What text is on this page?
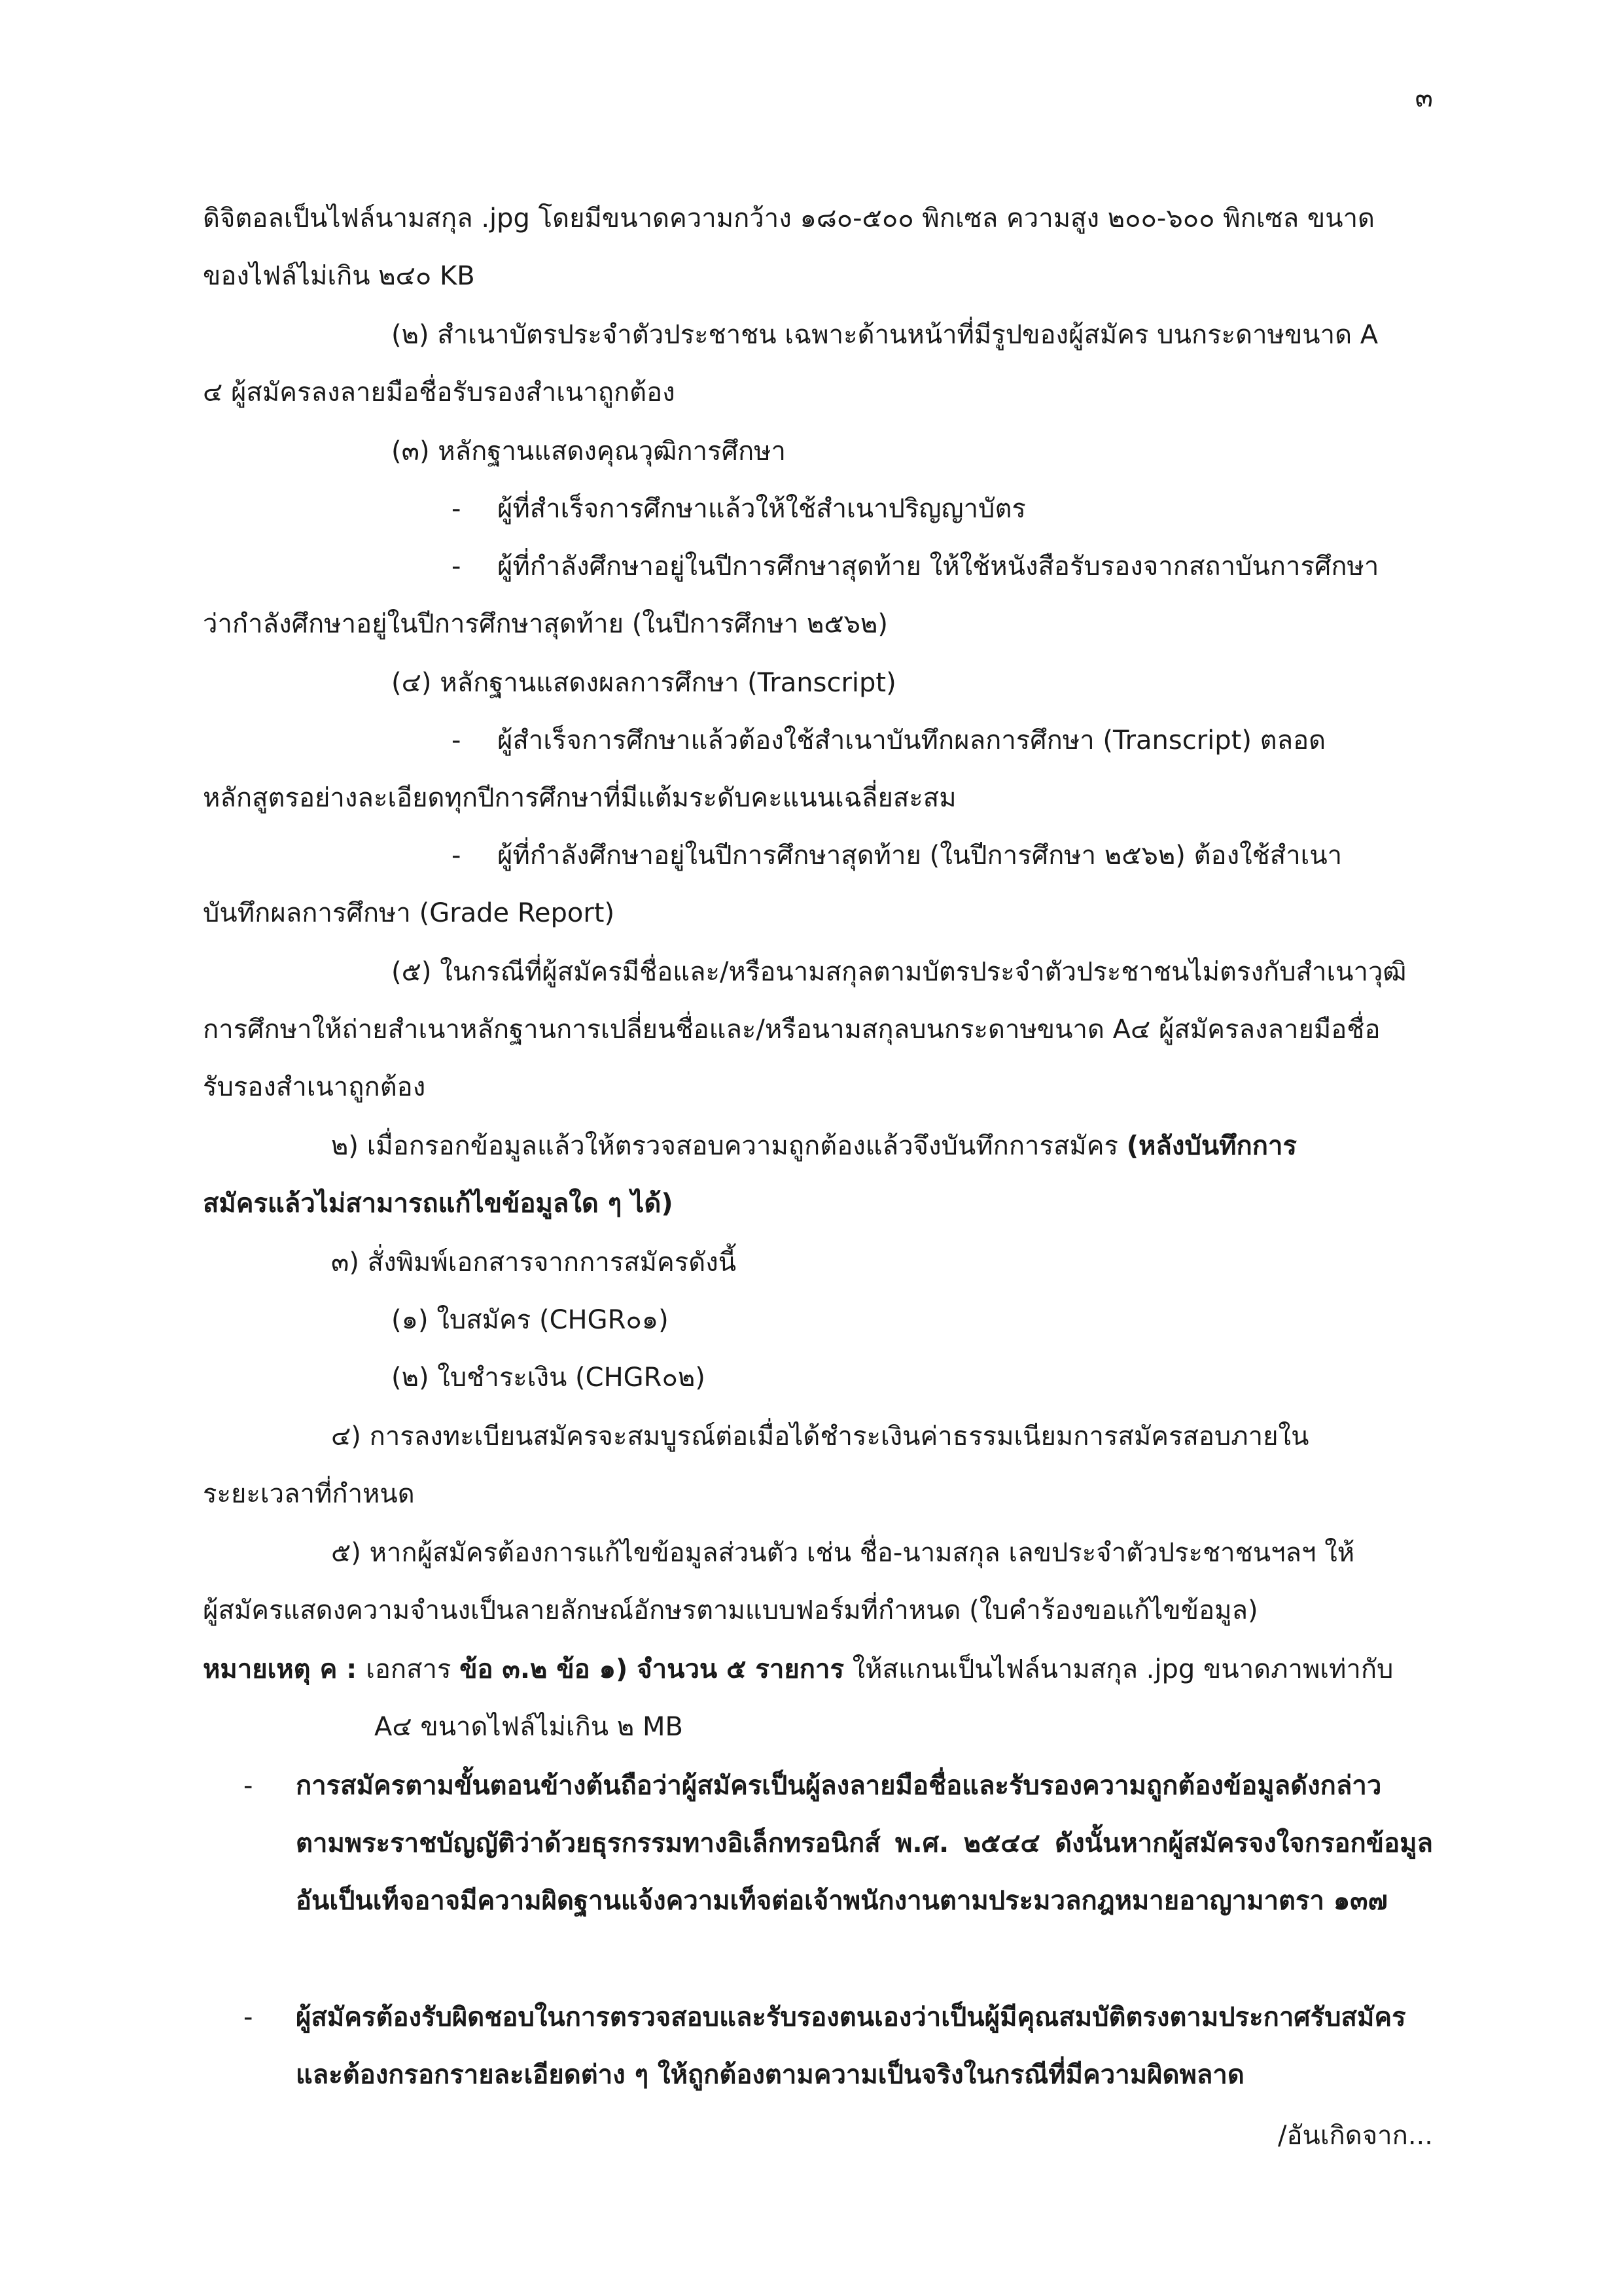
๓
ดิจิตอลเป็นไฟล์นามสกุล .jpg โดยมีขนาดความกว้าง ๑๘๐-๕๐๐ พิกเซล ความสูง ๒๐๐-๖๐๐ พิกเซล ขนาด
ของไฟล์ไม่เกิน ๒๔๐ KB
(๒) สำเนาบัตรประจำตัวประชาชน เฉพาะด้านหน้าที่มีรูปของผู้สมัคร บนกระดาษขนาด A
๔ ผู้สมัครลงลายมือชื่อรับรองสำเนาถูกต้อง
(๓) หลักฐานแสดงคุณวุฒิการศึกษา
- ผู้ที่สำเร็จการศึกษาแล้วให้ใช้สำเนาปริญญาบัตร
- ผู้ที่กำลังศึกษาอยู่ในปีการศึกษาสุดท้าย ให้ใช้หนังสือรับรองจากสถาบันการศึกษา
ว่ากำลังศึกษาอยู่ในปีการศึกษาสุดท้าย (ในปีการศึกษา ๒๕๖๒)
(๔) หลักฐานแสดงผลการศึกษา (Transcript)
- ผู้สำเร็จการศึกษาแล้วต้องใช้สำเนาบันทึกผลการศึกษา (Transcript) ตลอด
หลักสูตรอย่างละเอียดทุกปีการศึกษาที่มีแต้มระดับคะแนนเฉลี่ยสะสม
- ผู้ที่กำลังศึกษาอยู่ในปีการศึกษาสุดท้าย (ในปีการศึกษา ๒๕๖๒) ต้องใช้สำเนา
บันทึกผลการศึกษา (Grade Report)
(๕) ในกรณีที่ผู้สมัครมีชื่อและ/หรือนามสกุลตามบัตรประจำตัวประชาชนไม่ตรงกับสำเนาวุฒิ
การศึกษาให้ถ่ายสำเนาหลักฐานการเปลี่ยนชื่อและ/หรือนามสกุลบนกระดาษขนาด A๔ ผู้สมัครลงลายมือชื่อ
รับรองสำเนาถูกต้อง
๒) เมื่อกรอกข้อมูลแล้วให้ตรวจสอบความถูกต้องแล้วจึงบันทึกการสมัคร (หลังบันทึกการ
สมัครแล้วไม่สามารถแก้ไขข้อมูลใด ๆ ได้)
๓) สั่งพิมพ์เอกสารจากการสมัครดังนี้
(๑) ใบสมัคร (CHGR๐๑)
(๒) ใบชำระเงิน (CHGR๐๒)
๔) การลงทะเบียนสมัครจะสมบูรณ์ต่อเมื่อได้ชำระเงินค่าธรรมเนียมการสมัครสอบภายใน
ระยะเวลาที่กำหนด
๕) หากผู้สมัครต้องการแก้ไขข้อมูลส่วนตัว เช่น ชื่อ-นามสกุล เลขประจำตัวประชาชนฯลฯ ให้
ผู้สมัครแสดงความจำนงเป็นลายลักษณ์อักษรตามแบบฟอร์มที่กำหนด (ใบคำร้องขอแก้ไขข้อมูล)
หมายเหตุ ค : เอกสาร ข้อ ๓.๒ ข้อ ๑) จำนวน ๕ รายการ ให้สแกนเป็นไฟล์นามสกุล .jpg ขนาดภาพเท่ากับ
A๔ ขนาดไฟล์ไม่เกิน ๒ MB
- การสมัครตามขั้นตอนข้างต้นถือว่าผู้สมัครเป็นผู้ลงลายมือชื่อและรับรองความถูกต้องข้อมูลดังกล่าวตามพระราชบัญญัติว่าด้วยธุรกรรมทางอิเล็กทรอนิกส์ พ.ศ. ๒๕๔๔ ดังนั้นหากผู้สมัครจงใจกรอกข้อมูลอันเป็นเท็จอาจมีความผิดฐานแจ้งความเท็จต่อเจ้าพนักงานตามประมวลกฎหมายอาญามาตรา ๑๓๗
- ผู้สมัครต้องรับผิดชอบในการตรวจสอบและรับรองตนเองว่าเป็นผู้มีคุณสมบัติตรงตามประกาศรับสมัครและต้องกรอกรายละเอียดต่าง ๆ ให้ถูกต้องตามความเป็นจริงในกรณีที่มีความผิดพลาด
/อันเกิดจาก...
